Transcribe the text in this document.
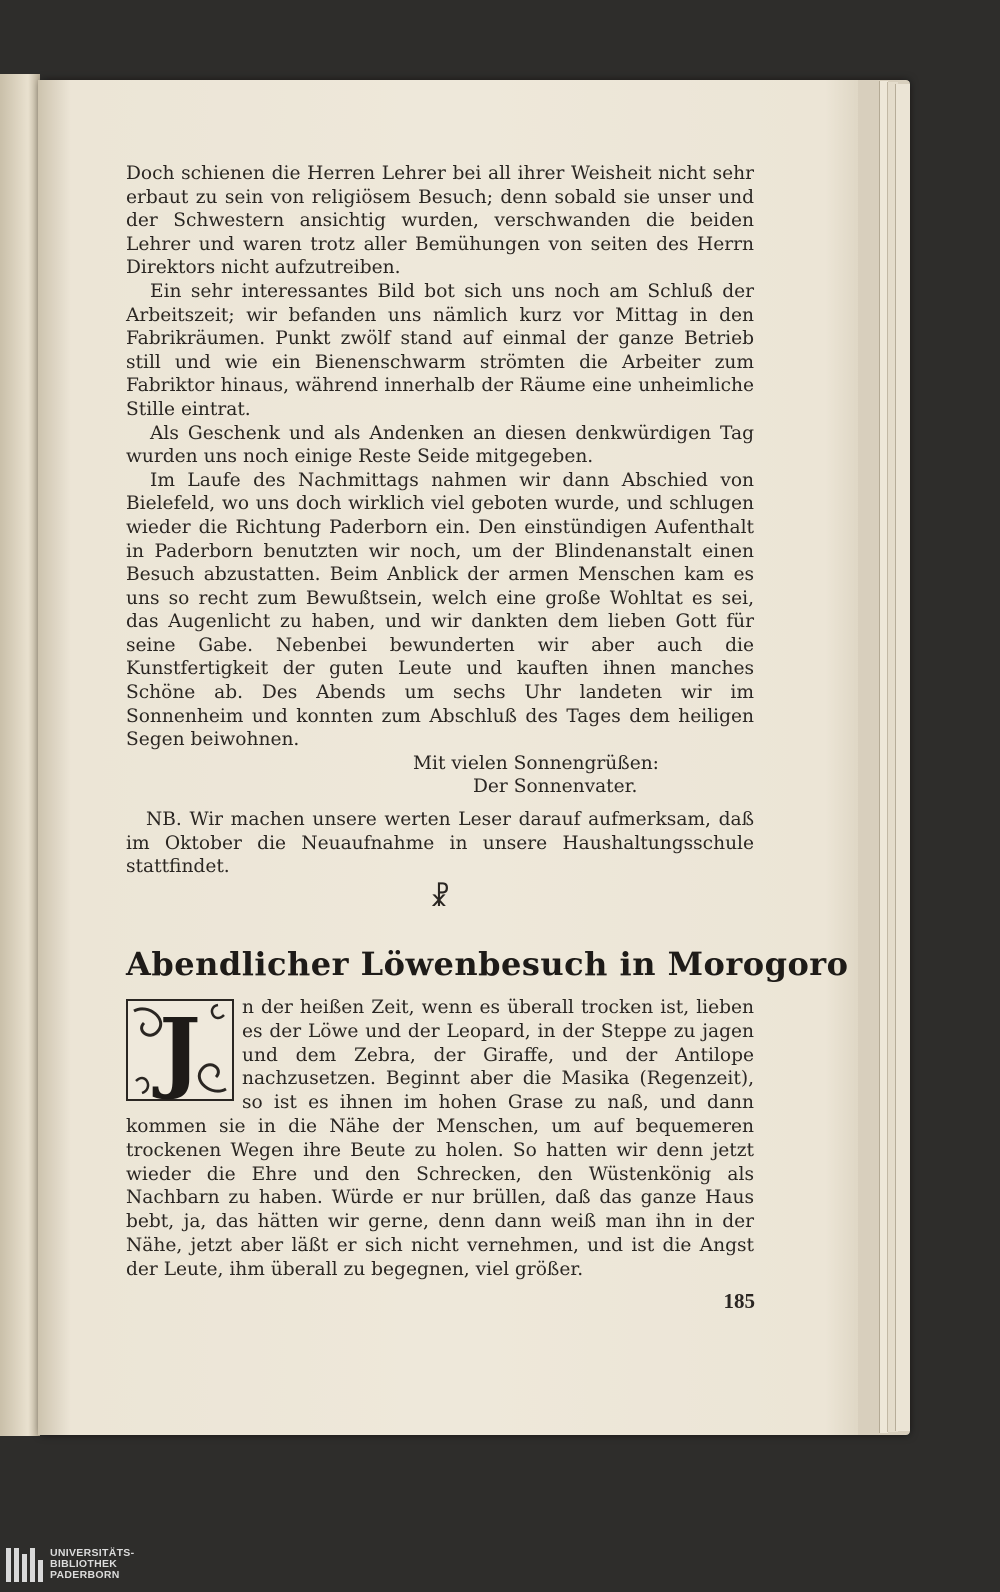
Doch schienen die Herren Lehrer bei all ihrer Weisheit nicht sehr erbaut zu sein von religiösem Besuch; denn sobald sie unser und der Schwestern ansichtig wurden, verschwanden die beiden Lehrer und waren trotz aller Bemühungen von seiten des Herrn Direktors nicht aufzutreiben.

Ein sehr interessantes Bild bot sich uns noch am Schluß der Arbeitszeit; wir befanden uns nämlich kurz vor Mittag in den Fabrikräumen. Punkt zwölf stand auf einmal der ganze Betrieb still und wie ein Bienenschwarm strömten die Arbeiter zum Fabriktor hinaus, während innerhalb der Räume eine unheimliche Stille eintrat.

Als Geschenk und als Andenken an diesen denkwürdigen Tag wurden uns noch einige Reste Seide mitgegeben.

Im Laufe des Nachmittags nahmen wir dann Abschied von Bielefeld, wo uns doch wirklich viel geboten wurde, und schlugen wieder die Richtung Paderborn ein. Den einstündigen Aufenthalt in Paderborn benutzten wir noch, um der Blindenanstalt einen Besuch abzustatten. Beim Anblick der armen Menschen kam es uns so recht zum Bewußtsein, welch eine große Wohltat es sei, das Augenlicht zu haben, und wir dankten dem lieben Gott für seine Gabe. Nebenbei bewunderten wir aber auch die Kunstfertigkeit der guten Leute und kauften ihnen manches Schöne ab. Des Abends um sechs Uhr landeten wir im Sonnenheim und konnten zum Abschluß des Tages dem heiligen Segen beiwohnen.

Mit vielen Sonnengrüßen:

Der Sonnenvater.

NB. Wir machen unsere werten Leser darauf aufmerksam, daß im Oktober die Neuaufnahme in unsere Haushaltungsschule stattfindet.

☧

Abendlicher Löwenbesuch in Morogoro
J	n der heißen Zeit, wenn es überall trocken ist, lieben es der Löwe und der Leopard, in der Steppe zu jagen und dem Zebra, der Giraffe, und der Antilope nachzusetzen. Beginnt aber die Masika (Regenzeit), so ist es ihnen im hohen Grase zu naß, und dann kommen sie in die Nähe der Menschen, um auf bequemeren trockenen Wegen ihre Beute zu holen. So hatten wir denn jetzt wieder die Ehre und den Schrecken, den Wüstenkönig als Nachbarn zu haben. Würde er nur brüllen, daß das ganze Haus bebt, ja, das hätten wir gerne, denn dann weiß man ihn in der Nähe, jetzt aber läßt er sich nicht vernehmen, und ist die Angst der Leute, ihm überall zu begegnen, viel größer.
185
UNIVERSITÄTS-
BIBLIOTHEK
PADERBORN
